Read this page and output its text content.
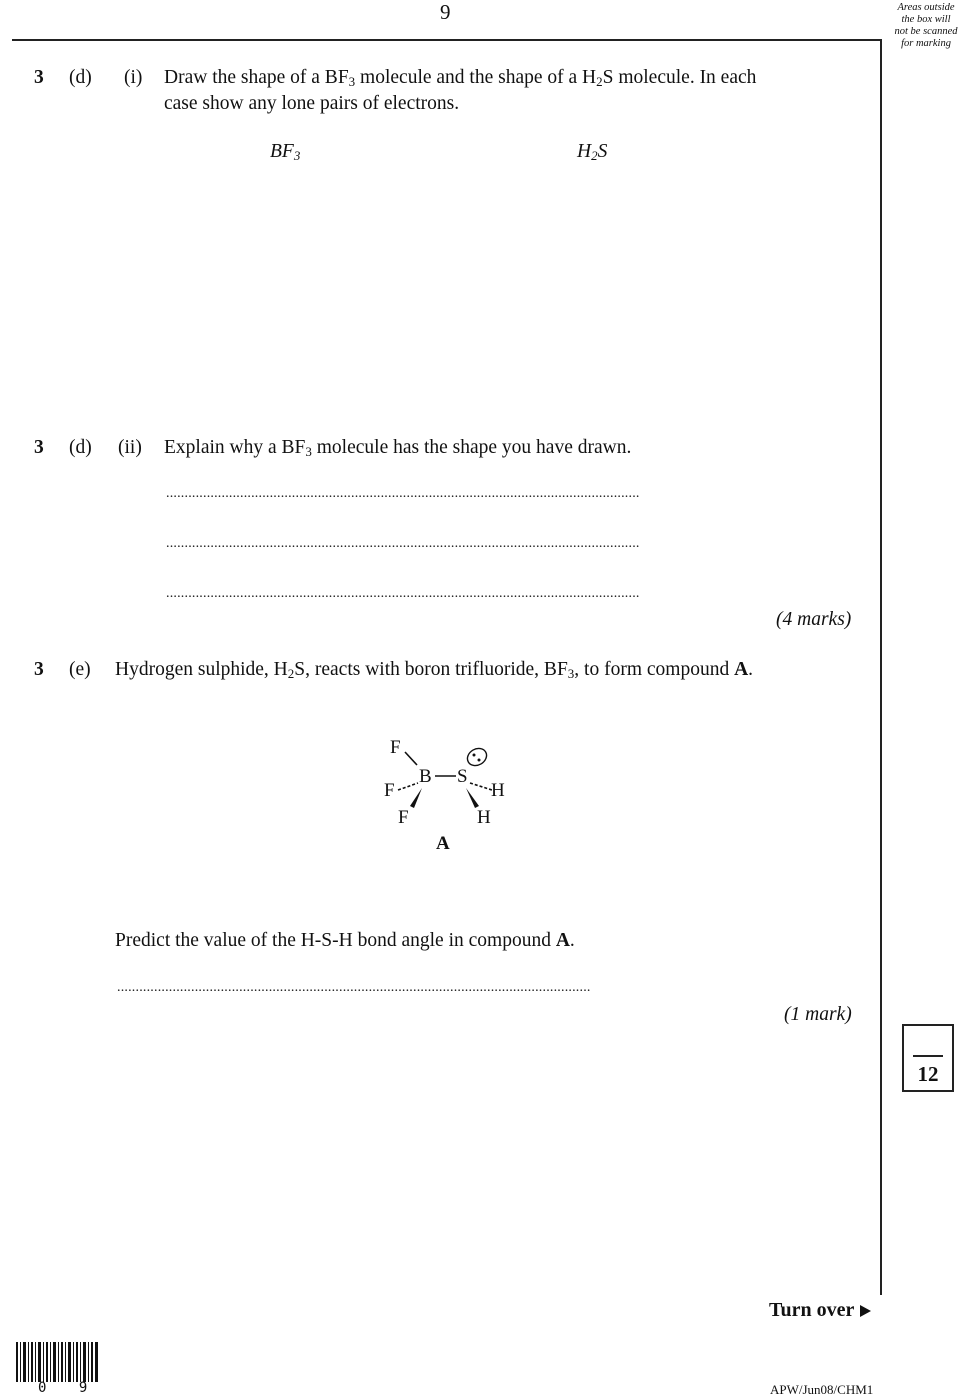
9	Areas outside
the box will
not be scanned
for marking
3 (d) (i) Draw the shape of a $BF_3$ molecule and the shape of a $H_2S$ molecule. In each
case show any lone pairs of electrons.
$BF_3$	$H_2S$
3 (d) (ii) Explain why a $BF_3$ molecule has the shape you have drawn.
................................................................................................................................
................................................................................................................................
................................................................................................................................
(4 marks)
3 (e) Hydrogen sulphide, $H_2S$, reacts with boron trifluoride, $BF_3$, to form compound A.
F
F
B S
H
F	H
A
Predict the value of the H-S-H bond angle in compound A.
................................................................................................................................
(1 mark)
12
Turn over
0 9	APW/Jun08/CHM1
